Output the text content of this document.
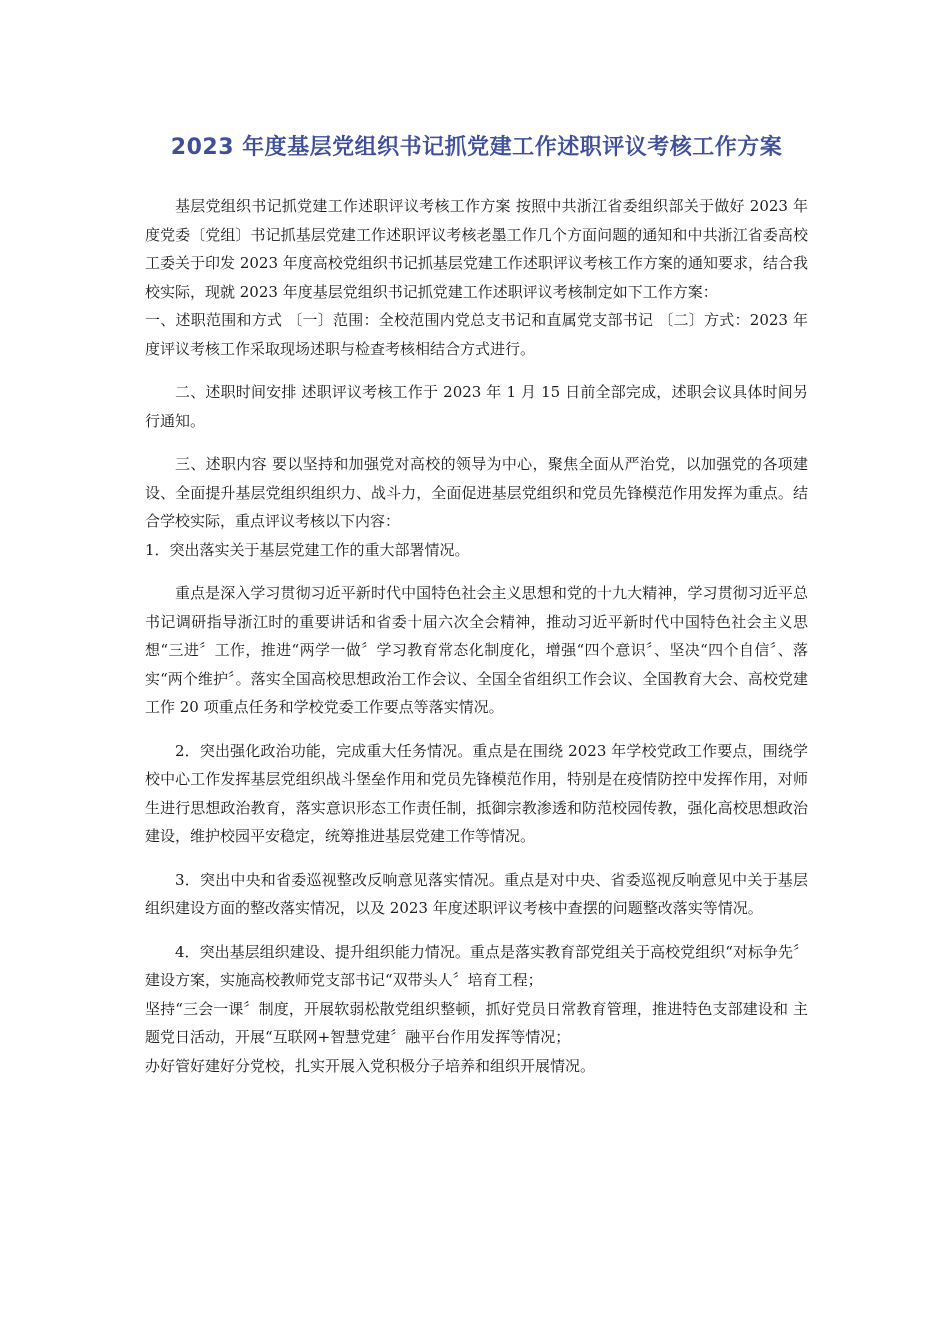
2023 年度基层党组织书记抓党建工作述职评议考核工作方案

基层党组织书记抓党建工作述职评议考核工作方案 按照中共浙江省委组织部关于做好 2023 年度党委〔党组〕书记抓基层党建工作述职评议考核老墨工作几个方面问题的通知和中共浙江省委高校工委关于印发 2023 年度高校党组织书记抓基层党建工作述职评议考核工作方案的通知要求，结合我校实际，现就 2023 年度基层党组织书记抓党建工作述职评议考核制定如下工作方案：

一、述职范围和方式 〔一〕范围：全校范围内党总支书记和直属党支部书记 〔二〕方式：2023 年度评议考核工作采取现场述职与检查考核相结合方式进行。

二、述职时间安排 述职评议考核工作于 2023 年 1 月 15 日前全部完成，述职会议具体时间另行通知。

三、述职内容 要以坚持和加强党对高校的领导为中心，聚焦全面从严治党，以加强党的各项建设、全面提升基层党组织组织力、战斗力，全面促进基层党组织和党员先锋模范作用发挥为重点。结合学校实际，重点评议考核以下内容：

1．突出落实关于基层党建工作的重大部署情况。

重点是深入学习贯彻习近平新时代中国特色社会主义思想和党的十九大精神，学习贯彻习近平总书记调研指导浙江时的重要讲话和省委十届六次全会精神，推动习近平新时代中国特色社会主义思想“三进〞工作，推进“两学一做〞学习教育常态化制度化，增强“四个意识〞、坚决“四个自信〞、落实“两个维护〞。落实全国高校思想政治工作会议、全国全省组织工作会议、全国教育大会、高校党建工作 20 项重点任务和学校党委工作要点等落实情况。

2．突出强化政治功能，完成重大任务情况。重点是在围绕 2023 年学校党政工作要点，围绕学校中心工作发挥基层党组织战斗堡垒作用和党员先锋模范作用，特别是在疫情防控中发挥作用，对师生进行思想政治教育，落实意识形态工作责任制，抵御宗教渗透和防范校园传教，强化高校思想政治建设，维护校园平安稳定，统筹推进基层党建工作等情况。

3．突出中央和省委巡视整改反响意见落实情况。重点是对中央、省委巡视反响意见中关于基层组织建设方面的整改落实情况，以及 2023 年度述职评议考核中查摆的问题整改落实等情况。

4．突出基层组织建设、提升组织能力情况。重点是落实教育部党组关于高校党组织“对标争先〞建设方案，实施高校教师党支部书记“双带头人〞培育工程；

坚持“三会一课〞制度，开展软弱松散党组织整顿，抓好党员日常教育管理，推进特色支部建设和 主题党日活动，开展“互联网+智慧党建〞融平台作用发挥等情况；

办好管好建好分党校，扎实开展入党积极分子培养和组织开展情况。
